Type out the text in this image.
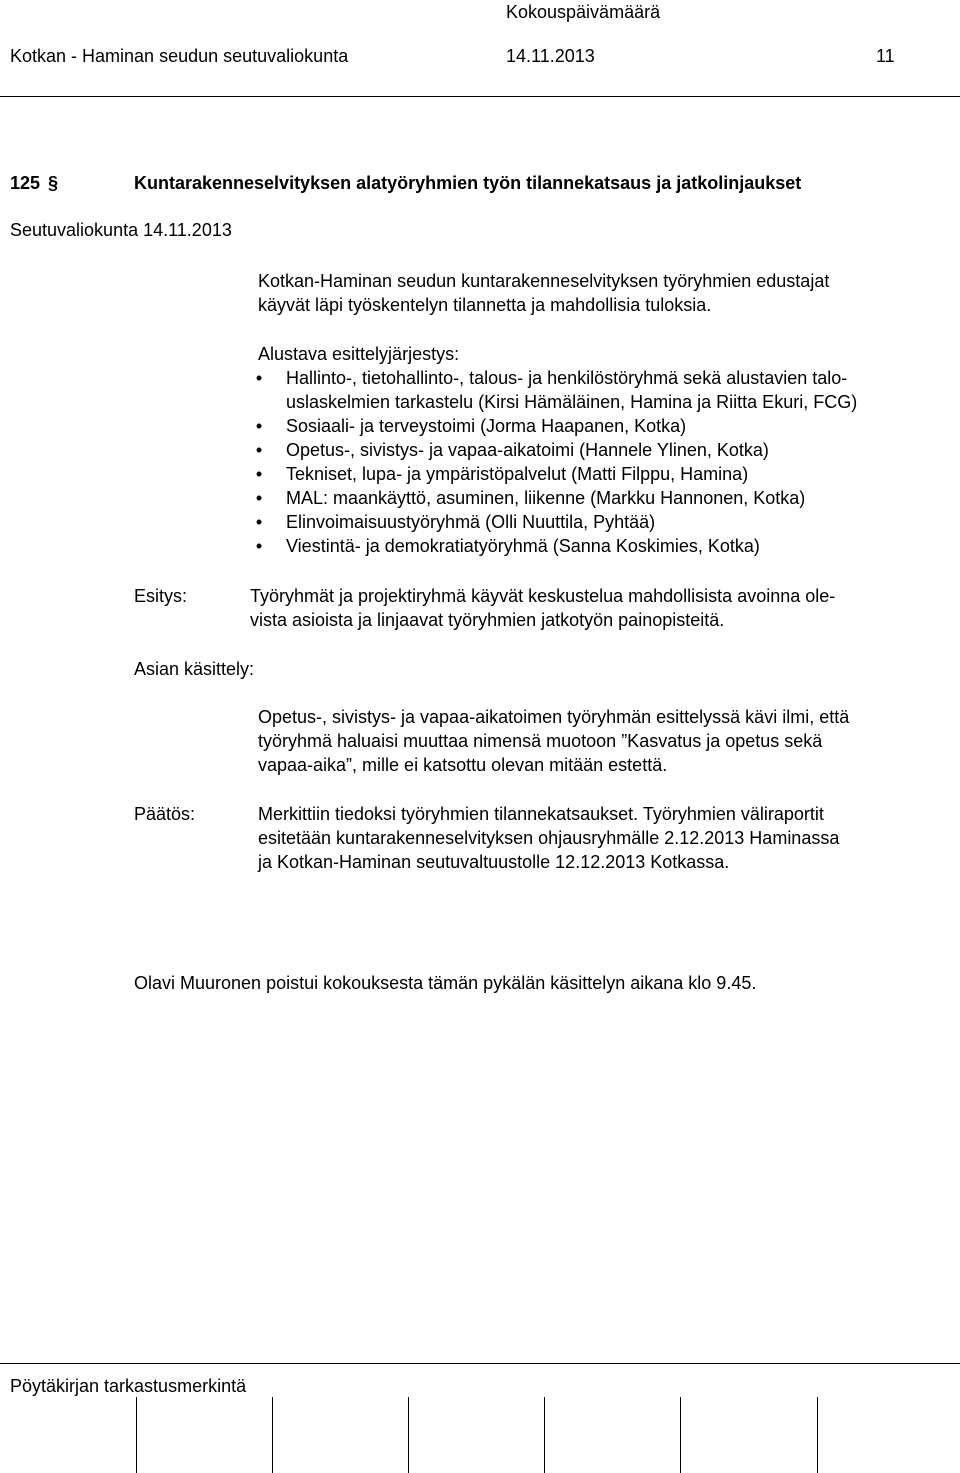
Kokouspäivämäärä
Kotkan - Haminan seudun seutuvaliokunta	14.11.2013	11
125 §	Kuntarakenneselvityksen alatyöryhmien työn tilannekatsaus ja jatkolinjaukset
Seutuvaliokunta 14.11.2013
Kotkan-Haminan seudun kuntarakenneselvityksen työryhmien edustajat
käyvät läpi työskentelyn tilannetta ja mahdollisia tuloksia.
Alustava esittelyjärjestys:
• Hallinto-, tietohallinto-, talous- ja henkilöstöryhmä sekä alustavien talo-
uslaskelmien tarkastelu (Kirsi Hämäläinen, Hamina ja Riitta Ekuri, FCG)
• Sosiaali- ja terveystoimi (Jorma Haapanen, Kotka)
• Opetus-, sivistys- ja vapaa-aikatoimi (Hannele Ylinen, Kotka)
• Tekniset, lupa- ja ympäristöpalvelut (Matti Filppu, Hamina)
• MAL: maankäyttö, asuminen, liikenne (Markku Hannonen, Kotka)
• Elinvoimaisuustyöryhmä (Olli Nuuttila, Pyhtää)
• Viestintä- ja demokratiatyöryhmä (Sanna Koskimies, Kotka)
Esitys:	Työryhmät ja projektiryhmä käyvät keskustelua mahdollisista avoinna ole-
vista asioista ja linjaavat työryhmien jatkotyön painopisteitä.
Asian käsittely:
Opetus-, sivistys- ja vapaa-aikatoimen työryhmän esittelyssä kävi ilmi, että
työryhmä haluaisi muuttaa nimensä muotoon ”Kasvatus ja opetus sekä
vapaa-aika”, mille ei katsottu olevan mitään estettä.
Päätös:	Merkittiin tiedoksi työryhmien tilannekatsaukset. Työryhmien väliraportit
esitetään kuntarakenneselvityksen ohjausryhmälle 2.12.2013 Haminassa
ja Kotkan-Haminan seutuvaltuustolle 12.12.2013 Kotkassa.
Olavi Muuronen poistui kokouksesta tämän pykälän käsittelyn aikana klo 9.45.
Pöytäkirjan tarkastusmerkintä
